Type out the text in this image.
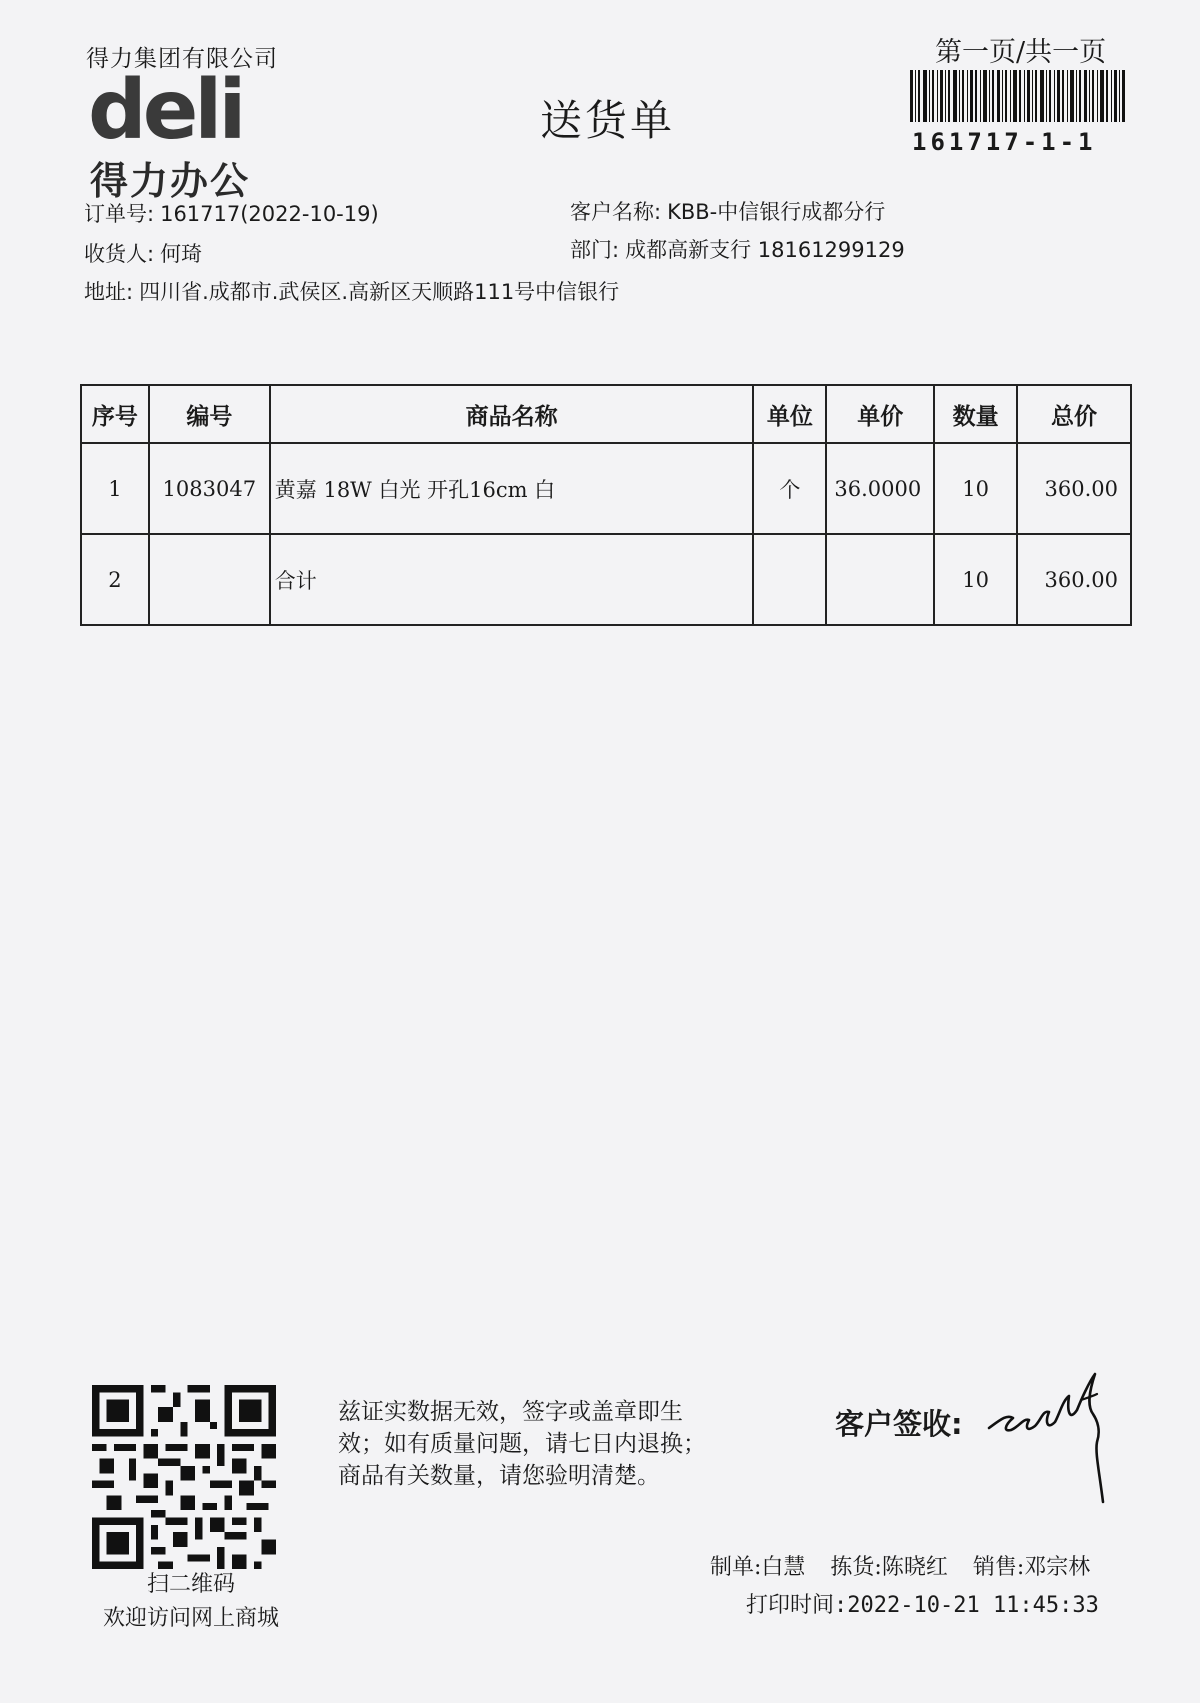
得力集团有限公司
deli
得力办公
送货单
第一页/共一页
161717-1-1
订单号: 161717(2022-10-19)	客户名称: KBB-中信银行成都分行
收货人: 何琦	部门: 成都高新支行 18161299129
地址: 四川省.成都市.武侯区.高新区天顺路111号中信银行
序号	编号	商品名称	单位	单价	数量	总价
1	1083047	黄嘉 18W 白光 开孔16cm 白	个	36.0000	10	360.00
2		合计			10	360.00
扫二维码
欢迎访问网上商城
兹证实数据无效，签字或盖章即生
效；如有质量问题，请七日内退换；
商品有关数量，请您验明清楚。
客户签收:
制单:白慧 拣货:陈晓红 销售:邓宗林
打印时间:2022-10-21 11:45:33
